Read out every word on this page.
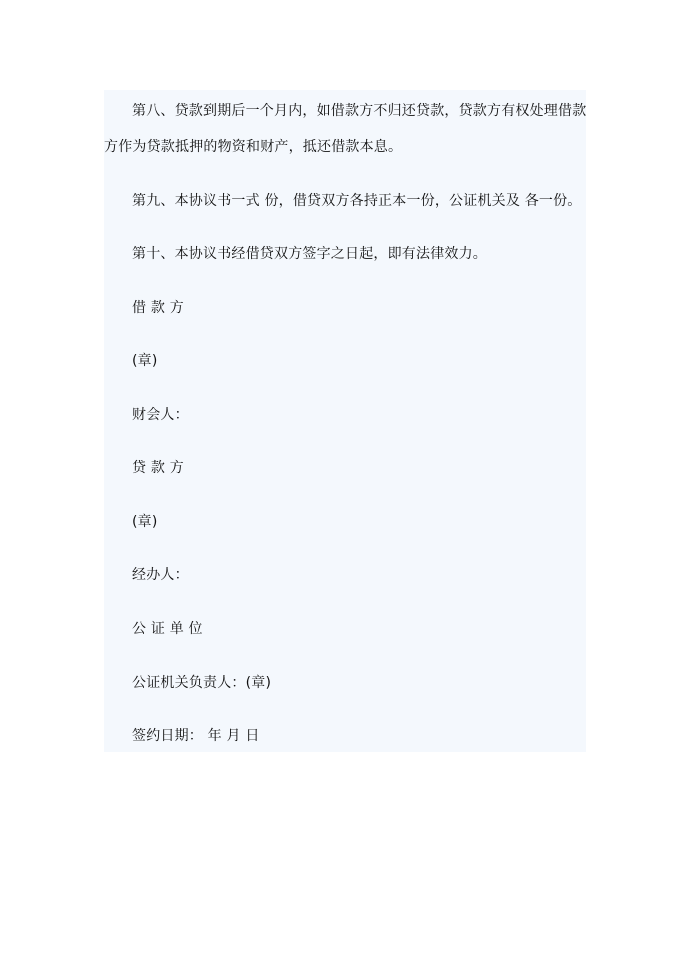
第八、贷款到期后一个月内，如借款方不归还贷款，贷款方有权处理借款
方作为贷款抵押的物资和财产，抵还借款本息。
第九、本协议书一式 份，借贷双方各持正本一份，公证机关及 各一份。
第十、本协议书经借贷双方签字之日起，即有法律效力。
借 款 方
(章)
财会人：
贷 款 方
(章)
经办人：
公 证 单 位
公证机关负责人：(章)
签约日期： 年 月 日
